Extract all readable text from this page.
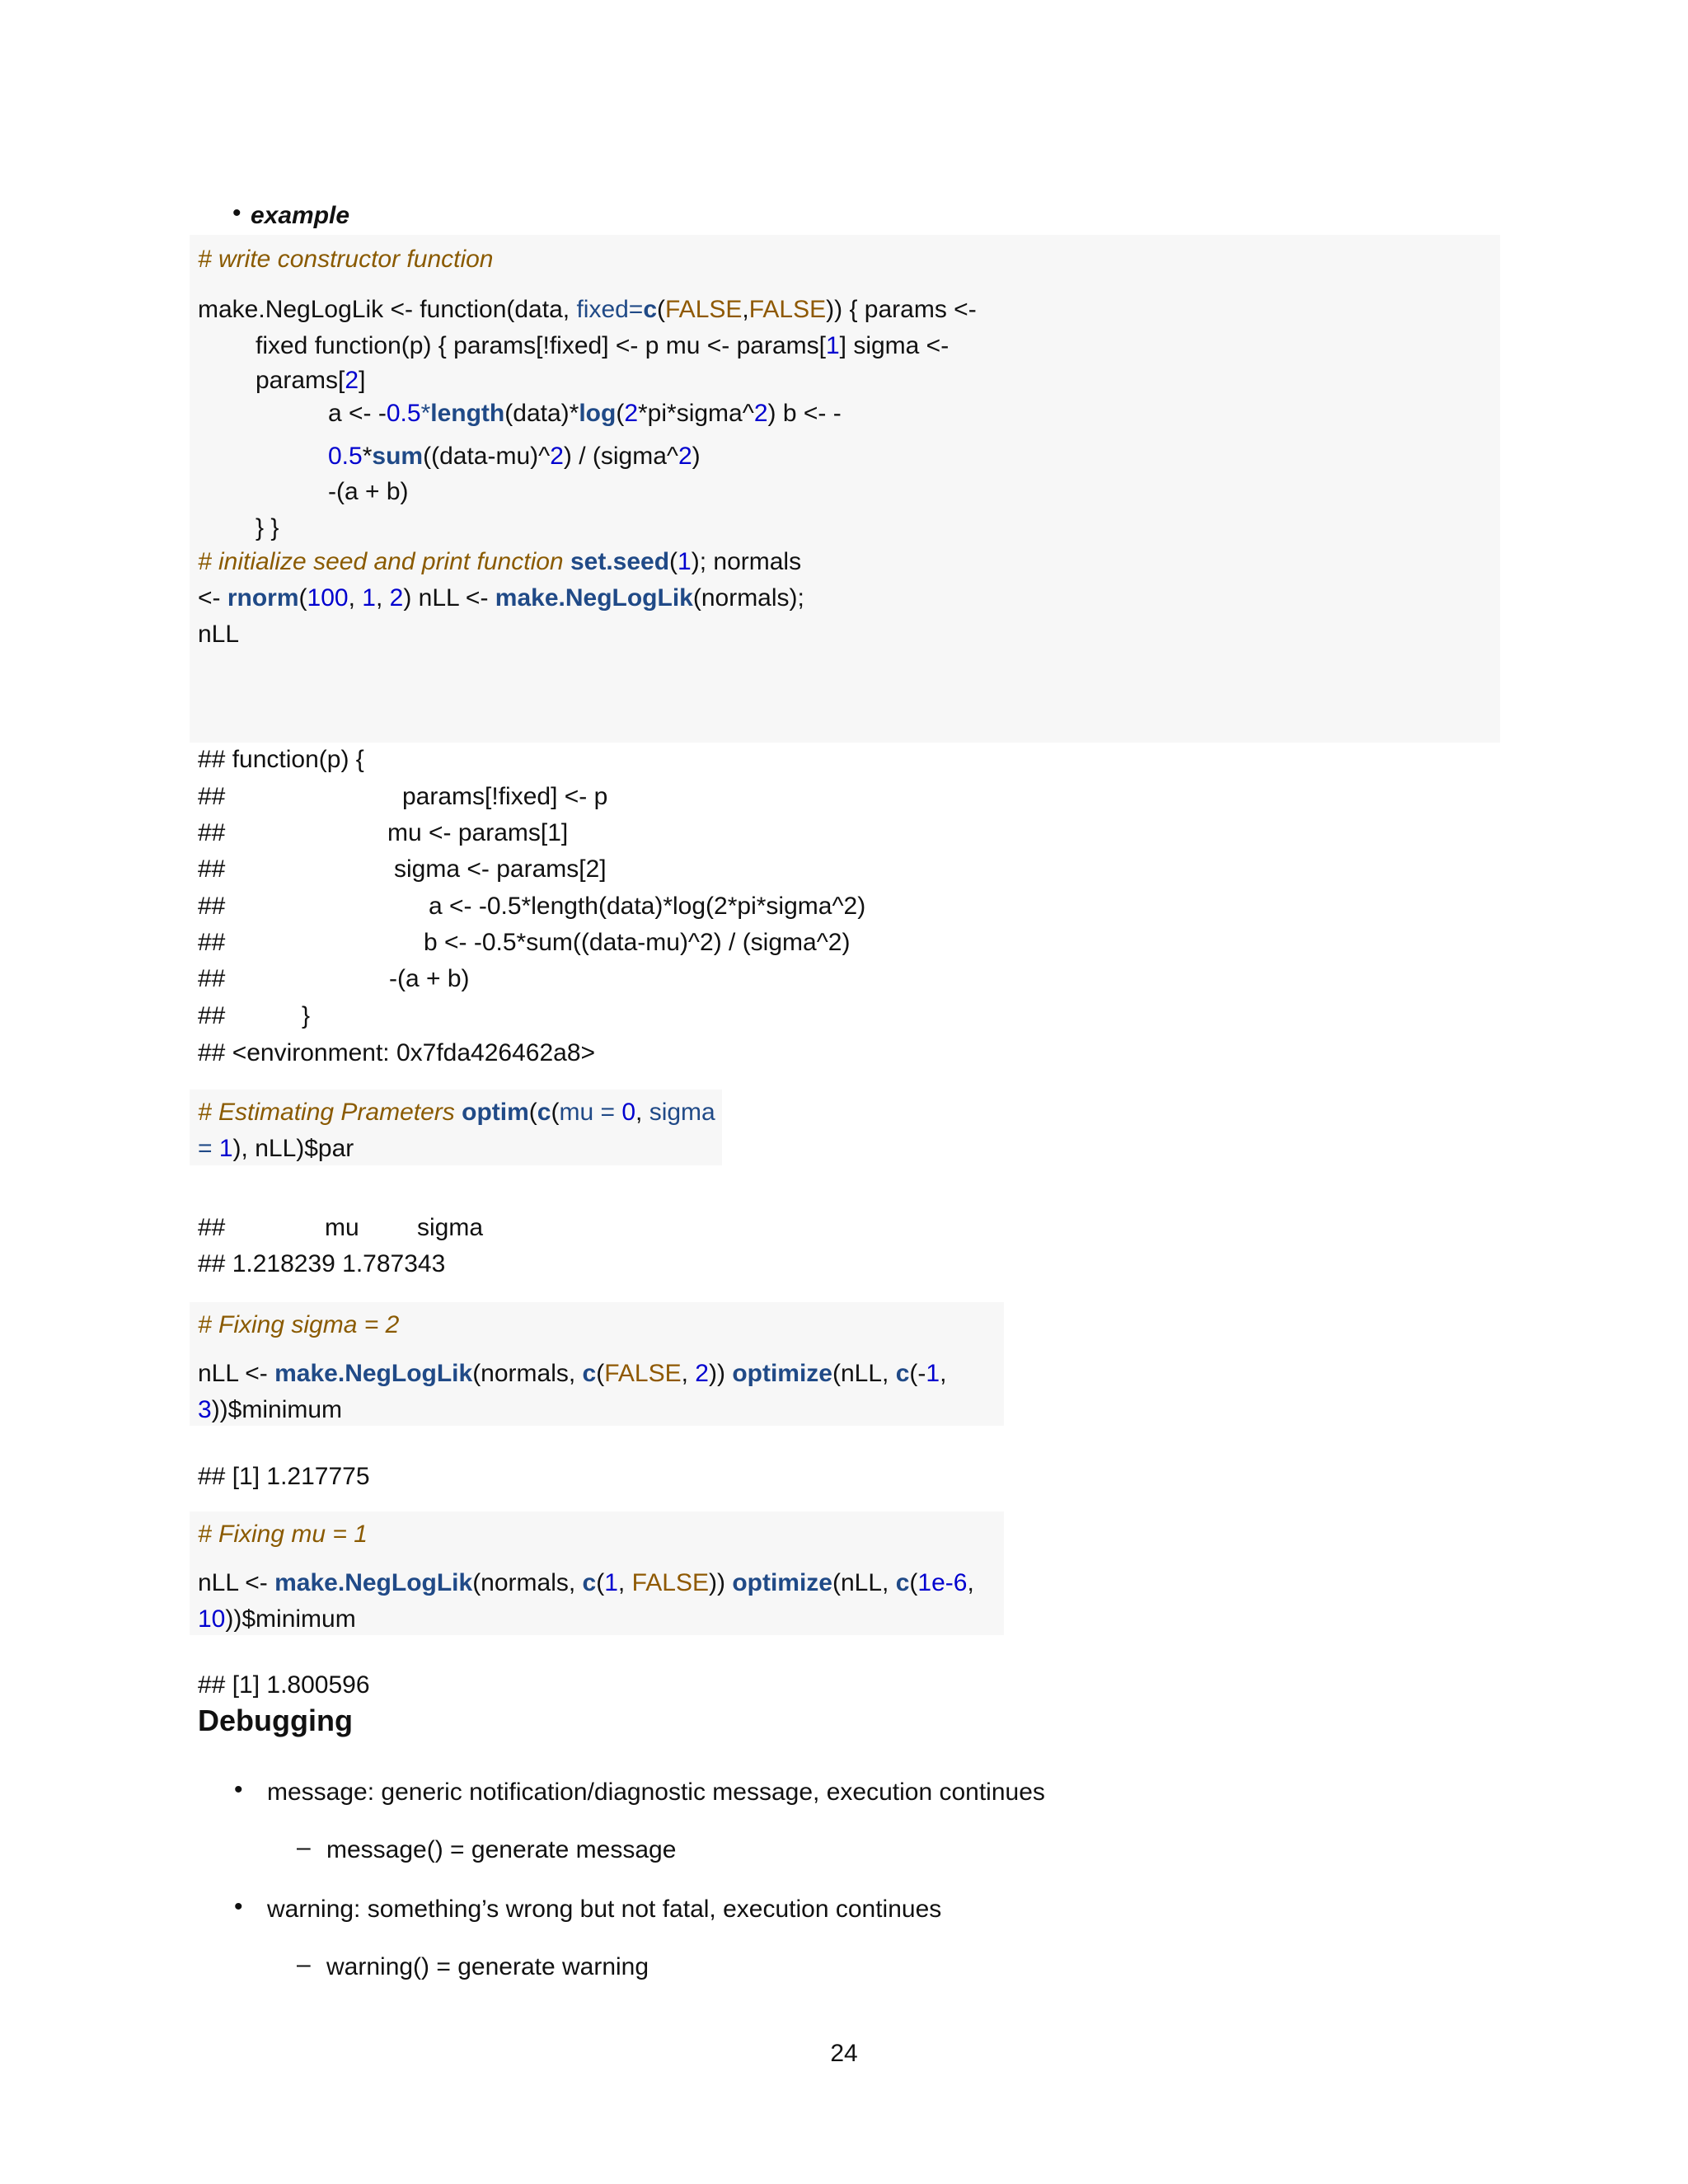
• example
# write constructor function
make.NegLogLik <- function(data, fixed=c(FALSE,FALSE)) { params <-
fixed function(p) { params[!fixed] <- p mu <- params[1] sigma <-
params[2]
a <- -0.5*length(data)*log(2*pi*sigma^2) b <- -
0.5*sum((data-mu)^2) / (sigma^2)
-(a + b)
} }
# initialize seed and print function set.seed(1); normals
<- rnorm(100, 1, 2) nLL <- make.NegLogLik(normals);
nLL
## function(p) {
##	params[!fixed] <- p
##	mu <- params[1]
##	sigma <- params[2]
##	a <- -0.5*length(data)*log(2*pi*sigma^2)
##	b <- -0.5*sum((data-mu)^2) / (sigma^2)
##	-(a + b)
##	}
## <environment: 0x7fda426462a8>
# Estimating Prameters optim(c(mu = 0, sigma
= 1), nLL)$par
##	mu sigma
## 1.218239 1.787343
# Fixing sigma = 2
nLL <- make.NegLogLik(normals, c(FALSE, 2)) optimize(nLL, c(-1,
3))$minimum
## [1] 1.217775
# Fixing mu = 1
nLL <- make.NegLogLik(normals, c(1, FALSE)) optimize(nLL, c(1e-6,
10))$minimum
## [1] 1.800596
Debugging
• message: generic notification/diagnostic message, execution continues
– message() = generate message
• warning: something’s wrong but not fatal, execution continues
– warning() = generate warning
24
